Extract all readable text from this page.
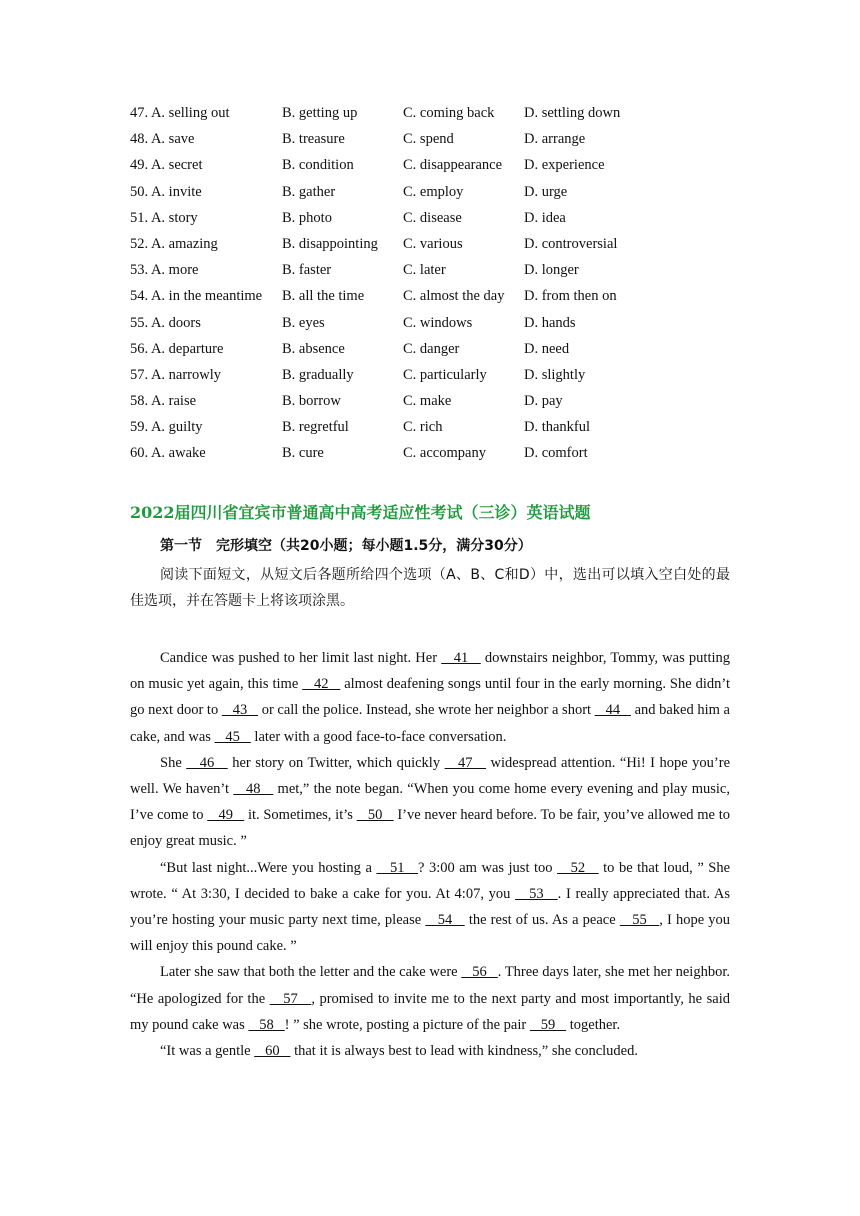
47. A. selling out	B. getting up	C. coming back D. settling down
48. A. save	B. treasure	C. spend	D. arrange
49. A. secret	B. condition	C. disappearance D. experience
50. A. invite	B. gather	C. employ	D. urge
51. A. story	B. photo	C. disease	D. idea
52. A. amazing	B. disappointing C. various	D. controversial
53. A. more	B. faster	C. later	D. longer
54. A. in the meantime B. all the time	C. almost the day D. from then on
55. A. doors	B. eyes	C. windows	D. hands
56. A. departure	B. absence	C. danger	D. need
57. A. narrowly	B. gradually	C. particularly	D. slightly
58. A. raise	B. borrow	C. make	D. pay
59. A. guilty	B. regretful	C. rich	D. thankful
60. A. awake	B. cure	C. accompany	D. comfort
2022届四川省宜宾市普通高中高考适应性考试（三诊）英语试题
第一节　完形填空（共20小题；每小题1.5分，满分30分）
阅读下面短文，从短文后各题所给四个选项（A、B、C和D）中，选出可以填入空白处的最佳选项，并在答题卡上将该项涂黑。

Candice was pushed to her limit last night. Her    41    downstairs neighbor, Tommy, was putting on music yet again, this time    42    almost deafening songs until four in the early morning. She didn’t go next door to    43    or call the police. Instead, she wrote her neighbor a short    44    and baked him a cake, and was    45    later with a good face-to-face conversation.

She    46    her story on Twitter, which quickly    47    widespread attention. “Hi! I hope you’re well. We haven’t    48    met,” the note began. “When you come home every evening and play music, I’ve come to    49    it. Sometimes, it’s    50    I’ve never heard before. To be fair, you’ve allowed me to enjoy great music. ”

“But last night...Were you hosting a    51   ? 3:00 am was just too    52    to be that loud, ” She wrote. “ At 3:30, I decided to bake a cake for you. At 4:07, you    53   . I really appreciated that. As you’re hosting your music party next time, please    54    the rest of us. As a peace    55   , I hope you will enjoy this pound cake. ”

Later she saw that both the letter and the cake were    56   . Three days later, she met her neighbor. “He apologized for the    57   , promised to invite me to the next party and most importantly, he said my pound cake was    58   ! ” she wrote, posting a picture of the pair    59    together.

“It was a gentle    60    that it is always best to lead with kindness,” she concluded.
